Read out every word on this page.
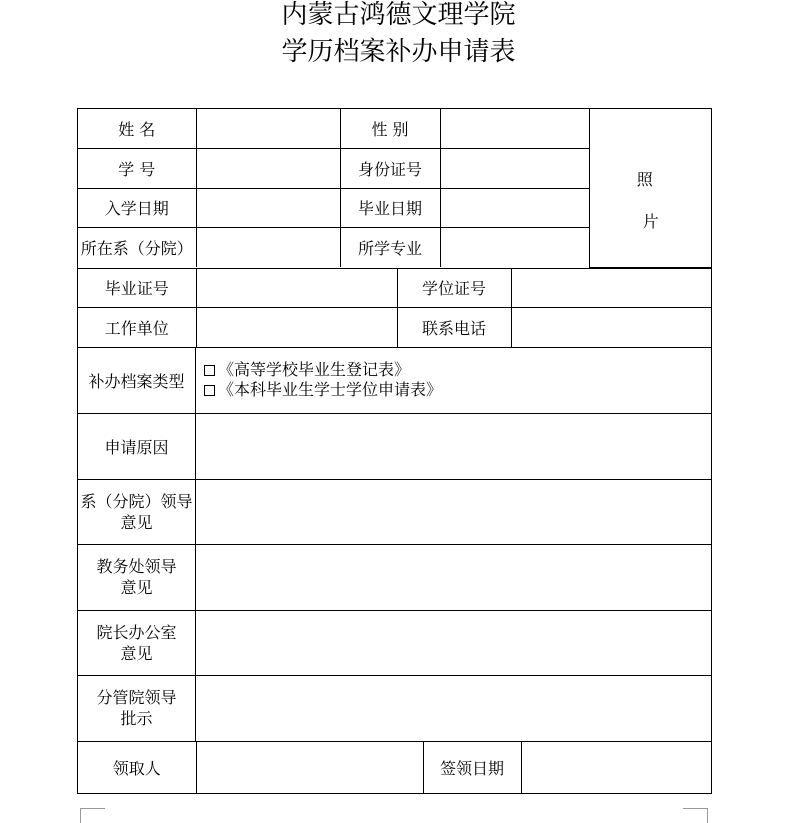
内蒙古鸿德文理学院
学历档案补办申请表
姓 名		性 别		
照
片

学 号		身份证号	
入学日期		毕业日期	
所在系（分院）		所学专业	

毕业证号		学位证号	
工作单位		联系电话	

补办档案类型	
《高等学校毕业生登记表》
《本科毕业生学士学位申请表》

申请原因	

系（分院）领导
意见

教务处领导
意见

院长办公室
意见

分管院领导
批示

领取人		签领日期	
